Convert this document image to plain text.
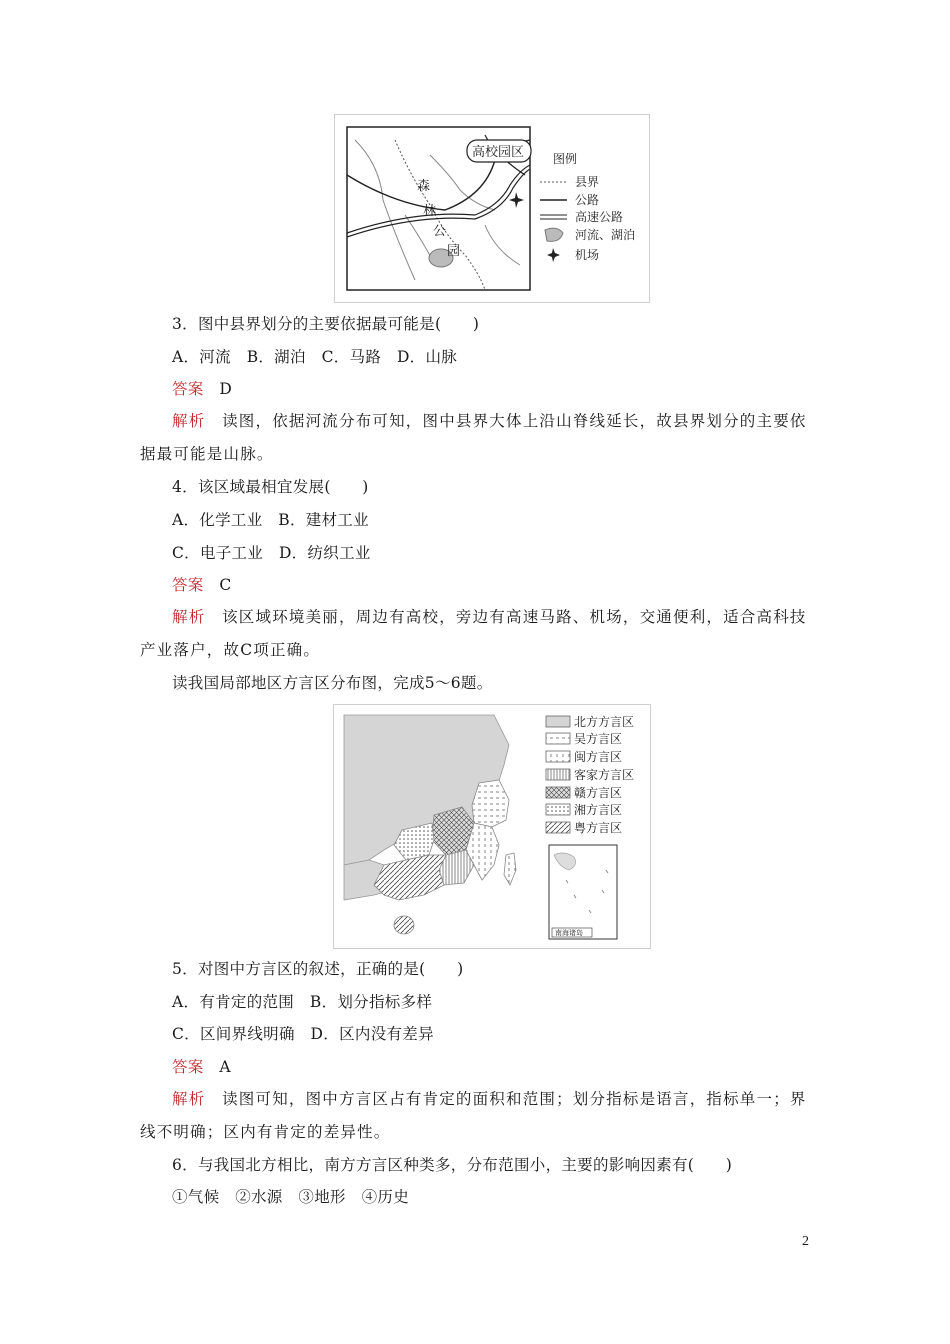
高校园区
森
林
公
园
图例
县界
公路
高速公路
河流、湖泊
机场
3．图中县界划分的主要依据最可能是(　　)
A．河流　B．湖泊　C．马路　D．山脉
答案　 D
解析　 读图，依据河流分布可知，图中县界大体上沿山脊线延长，故县界划分的主要依据最可能是山脉。
4．该区域最相宜发展(　　)
A．化学工业　B．建材工业
C．电子工业　D．纺织工业
答案　 C
解析　 该区域环境美丽，周边有高校，旁边有高速马路、机场，交通便利，适合高科技产业落户，故C项正确。
读我国局部地区方言区分布图，完成5～6题。
北方方言区
吴方言区
闽方言区
客家方言区
赣方言区
湘方言区
粤方言区
南海诸岛
5．对图中方言区的叙述，正确的是(　　)
A．有肯定的范围　B．划分指标多样
C．区间界线明确　D．区内没有差异
答案　 A
解析　 读图可知，图中方言区占有肯定的面积和范围；划分指标是语言，指标单一；界线不明确；区内有肯定的差异性。
6．与我国北方相比，南方方言区种类多，分布范围小，主要的影响因素有(　　)
①气候　②水源　③地形　④历史
2
